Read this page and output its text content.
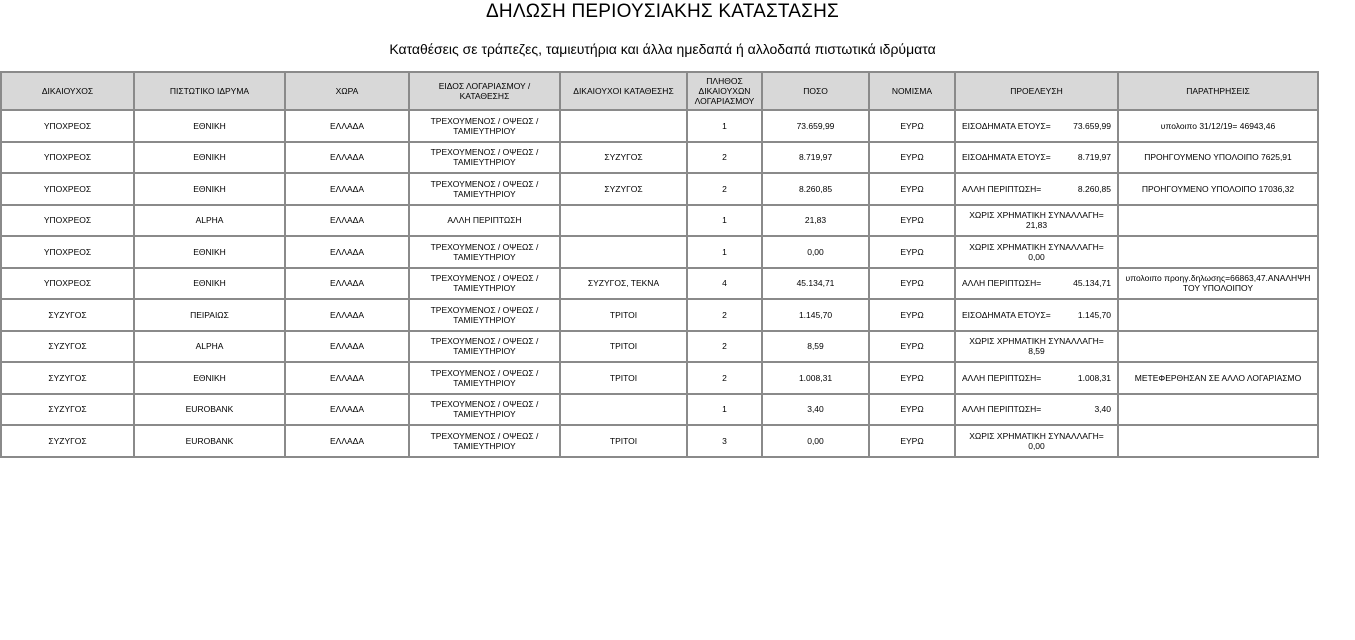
ΔΗΛΩΣΗ ΠΕΡΙΟΥΣΙΑΚΗΣ ΚΑΤΑΣΤΑΣΗΣ
Καταθέσεις σε τράπεζες, ταμιευτήρια και άλλα ημεδαπά ή αλλοδαπά πιστωτικά ιδρύματα
ΔΙΚΑΙΟΥΧΟΣ	ΠΙΣΤΩΤΙΚΟ ΙΔΡΥΜΑ	ΧΩΡΑ	ΕΙΔΟΣ ΛΟΓΑΡΙΑΣΜΟΥ / ΚΑΤΑΘΕΣΗΣ	ΔΙΚΑΙΟΥΧΟΙ ΚΑΤΑΘΕΣΗΣ	ΠΛΗΘΟΣ ΔΙΚΑΙΟΥΧΩΝ ΛΟΓΑΡΙΑΣΜΟΥ	ΠΟΣΟ	ΝΟΜΙΣΜΑ	ΠΡΟΕΛΕΥΣΗ	ΠΑΡΑΤΗΡΗΣΕΙΣ
ΥΠΟΧΡΕΟΣ	ΕΘΝΙΚΗ	ΕΛΛΑΔΑ	ΤΡΕΧΟΥΜΕΝΟΣ / ΟΨΕΩΣ / ΤΑΜΙΕΥΤΗΡΙΟΥ		1	73.659,99	ΕΥΡΩ	ΕΙΣΟΔΗΜΑΤΑ ΕΤΟΥΣ= 73.659,99	υπολοιπο 31/12/19= 46943,46
ΥΠΟΧΡΕΟΣ	ΕΘΝΙΚΗ	ΕΛΛΑΔΑ	ΤΡΕΧΟΥΜΕΝΟΣ / ΟΨΕΩΣ / ΤΑΜΙΕΥΤΗΡΙΟΥ	ΣΥΖΥΓΟΣ	2	8.719,97	ΕΥΡΩ	ΕΙΣΟΔΗΜΑΤΑ ΕΤΟΥΣ= 8.719,97	ΠΡΟΗΓΟΥΜΕΝΟ ΥΠΟΛΟΙΠΟ 7625,91
ΥΠΟΧΡΕΟΣ	ΕΘΝΙΚΗ	ΕΛΛΑΔΑ	ΤΡΕΧΟΥΜΕΝΟΣ / ΟΨΕΩΣ / ΤΑΜΙΕΥΤΗΡΙΟΥ	ΣΥΖΥΓΟΣ	2	8.260,85	ΕΥΡΩ	ΑΛΛΗ ΠΕΡΙΠΤΩΣΗ= 8.260,85	ΠΡΟΗΓΟΥΜΕΝΟ ΥΠΟΛΟΙΠΟ 17036,32
ΥΠΟΧΡΕΟΣ	ALPHA	ΕΛΛΑΔΑ	ΑΛΛΗ ΠΕΡΙΠΤΩΣΗ		1	21,83	ΕΥΡΩ	ΧΩΡΙΣ ΧΡΗΜΑΤΙΚΗ ΣΥΝΑΛΛΑΓΗ= 21,83	

ΥΠΟΧΡΕΟΣ	ΕΘΝΙΚΗ	ΕΛΛΑΔΑ	ΤΡΕΧΟΥΜΕΝΟΣ / ΟΨΕΩΣ / ΤΑΜΙΕΥΤΗΡΙΟΥ		1	0,00	ΕΥΡΩ	ΧΩΡΙΣ ΧΡΗΜΑΤΙΚΗ ΣΥΝΑΛΛΑΓΗ= 0,00	

ΥΠΟΧΡΕΟΣ	ΕΘΝΙΚΗ	ΕΛΛΑΔΑ	ΤΡΕΧΟΥΜΕΝΟΣ / ΟΨΕΩΣ / ΤΑΜΙΕΥΤΗΡΙΟΥ	ΣΥΖΥΓΟΣ, ΤΕΚΝΑ	4	45.134,71	ΕΥΡΩ	ΑΛΛΗ ΠΕΡΙΠΤΩΣΗ= 45.134,71	υπολοιπο προηγ.δηλωσης=66863,47.ΑΝΑΛΗΨΗ ΤΟΥ ΥΠΟΛΟΙΠΟΥ
ΣΥΖΥΓΟΣ	ΠΕΙΡΑΙΩΣ	ΕΛΛΑΔΑ	ΤΡΕΧΟΥΜΕΝΟΣ / ΟΨΕΩΣ / ΤΑΜΙΕΥΤΗΡΙΟΥ	ΤΡΙΤΟΙ	2	1.145,70	ΕΥΡΩ	ΕΙΣΟΔΗΜΑΤΑ ΕΤΟΥΣ= 1.145,70	

ΣΥΖΥΓΟΣ	ALPHA	ΕΛΛΑΔΑ	ΤΡΕΧΟΥΜΕΝΟΣ / ΟΨΕΩΣ / ΤΑΜΙΕΥΤΗΡΙΟΥ	ΤΡΙΤΟΙ	2	8,59	ΕΥΡΩ	ΧΩΡΙΣ ΧΡΗΜΑΤΙΚΗ ΣΥΝΑΛΛΑΓΗ= 8,59	

ΣΥΖΥΓΟΣ	ΕΘΝΙΚΗ	ΕΛΛΑΔΑ	ΤΡΕΧΟΥΜΕΝΟΣ / ΟΨΕΩΣ / ΤΑΜΙΕΥΤΗΡΙΟΥ	ΤΡΙΤΟΙ	2	1.008,31	ΕΥΡΩ	ΑΛΛΗ ΠΕΡΙΠΤΩΣΗ= 1.008,31	ΜΕΤΕΦΕΡΘΗΣΑΝ ΣΕ ΑΛΛΟ ΛΟΓΑΡΙΑΣΜΟ
ΣΥΖΥΓΟΣ	EUROBANK	ΕΛΛΑΔΑ	ΤΡΕΧΟΥΜΕΝΟΣ / ΟΨΕΩΣ / ΤΑΜΙΕΥΤΗΡΙΟΥ		1	3,40	ΕΥΡΩ	ΑΛΛΗ ΠΕΡΙΠΤΩΣΗ= 3,40	

ΣΥΖΥΓΟΣ	EUROBANK	ΕΛΛΑΔΑ	ΤΡΕΧΟΥΜΕΝΟΣ / ΟΨΕΩΣ / ΤΑΜΙΕΥΤΗΡΙΟΥ	ΤΡΙΤΟΙ	3	0,00	ΕΥΡΩ	ΧΩΡΙΣ ΧΡΗΜΑΤΙΚΗ ΣΥΝΑΛΛΑΓΗ= 0,00	
